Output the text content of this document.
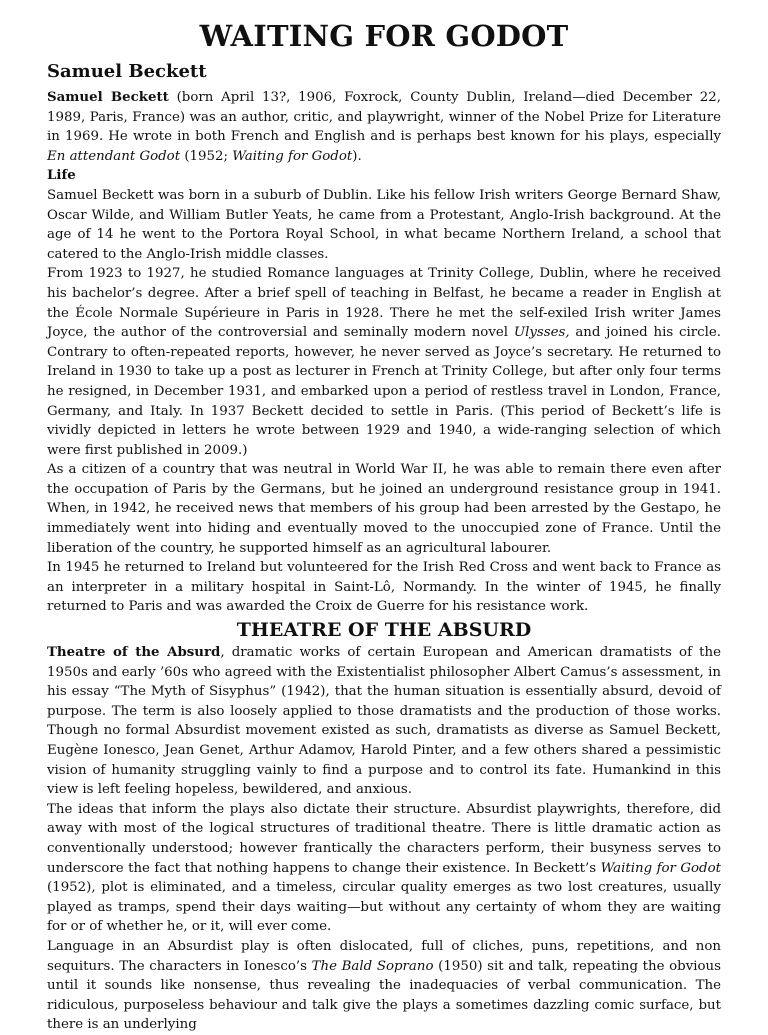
WAITING FOR GODOT
Samuel Beckett

Samuel Beckett (born April 13?, 1906, Foxrock, County Dublin, Ireland—died December 22, 1989, Paris, France) was an author, critic, and playwright, winner of the Nobel Prize for Literature in 1969. He wrote in both French and English and is perhaps best known for his plays, especially En attendant Godot (1952; Waiting for Godot).

Life

Samuel Beckett was born in a suburb of Dublin. Like his fellow Irish writers George Bernard Shaw, Oscar Wilde, and William Butler Yeats, he came from a Protestant, Anglo-Irish background. At the age of 14 he went to the Portora Royal School, in what became Northern Ireland, a school that catered to the Anglo-Irish middle classes.

From 1923 to 1927, he studied Romance languages at Trinity College, Dublin, where he received his bachelor’s degree. After a brief spell of teaching in Belfast, he became a reader in English at the École Normale Supérieure in Paris in 1928. There he met the self-exiled Irish writer James Joyce, the author of the controversial and seminally modern novel Ulysses, and joined his circle. Contrary to often-repeated reports, however, he never served as Joyce’s secretary. He returned to Ireland in 1930 to take up a post as lecturer in French at Trinity College, but after only four terms he resigned, in December 1931, and embarked upon a period of restless travel in London, France, Germany, and Italy. In 1937 Beckett decided to settle in Paris. (This period of Beckett’s life is vividly depicted in letters he wrote between 1929 and 1940, a wide-ranging selection of which were first published in 2009.)

As a citizen of a country that was neutral in World War II, he was able to remain there even after the occupation of Paris by the Germans, but he joined an underground resistance group in 1941. When, in 1942, he received news that members of his group had been arrested by the Gestapo, he immediately went into hiding and eventually moved to the unoccupied zone of France. Until the liberation of the country, he supported himself as an agricultural labourer.

In 1945 he returned to Ireland but volunteered for the Irish Red Cross and went back to France as an interpreter in a military hospital in Saint-Lô, Normandy. In the winter of 1945, he finally returned to Paris and was awarded the Croix de Guerre for his resistance work.

THEATRE OF THE ABSURD

Theatre of the Absurd, dramatic works of certain European and American dramatists of the 1950s and early ’60s who agreed with the Existentialist philosopher Albert Camus’s assessment, in his essay “The Myth of Sisyphus” (1942), that the human situation is essentially absurd, devoid of purpose. The term is also loosely applied to those dramatists and the production of those works. Though no formal Absurdist movement existed as such, dramatists as diverse as Samuel Beckett, Eugène Ionesco, Jean Genet, Arthur Adamov, Harold Pinter, and a few others shared a pessimistic vision of humanity struggling vainly to find a purpose and to control its fate. Humankind in this view is left feeling hopeless, bewildered, and anxious.

The ideas that inform the plays also dictate their structure. Absurdist playwrights, therefore, did away with most of the logical structures of traditional theatre. There is little dramatic action as conventionally understood; however frantically the characters perform, their busyness serves to underscore the fact that nothing happens to change their existence. In Beckett’s Waiting for Godot (1952), plot is eliminated, and a timeless, circular quality emerges as two lost creatures, usually played as tramps, spend their days waiting—but without any certainty of whom they are waiting for or of whether he, or it, will ever come.

Language in an Absurdist play is often dislocated, full of cliches, puns, repetitions, and non sequiturs. The characters in Ionesco’s The Bald Soprano (1950) sit and talk, repeating the obvious until it sounds like nonsense, thus revealing the inadequacies of verbal communication. The ridiculous, purposeless behaviour and talk give the plays a sometimes dazzling comic surface, but there is an underlying
